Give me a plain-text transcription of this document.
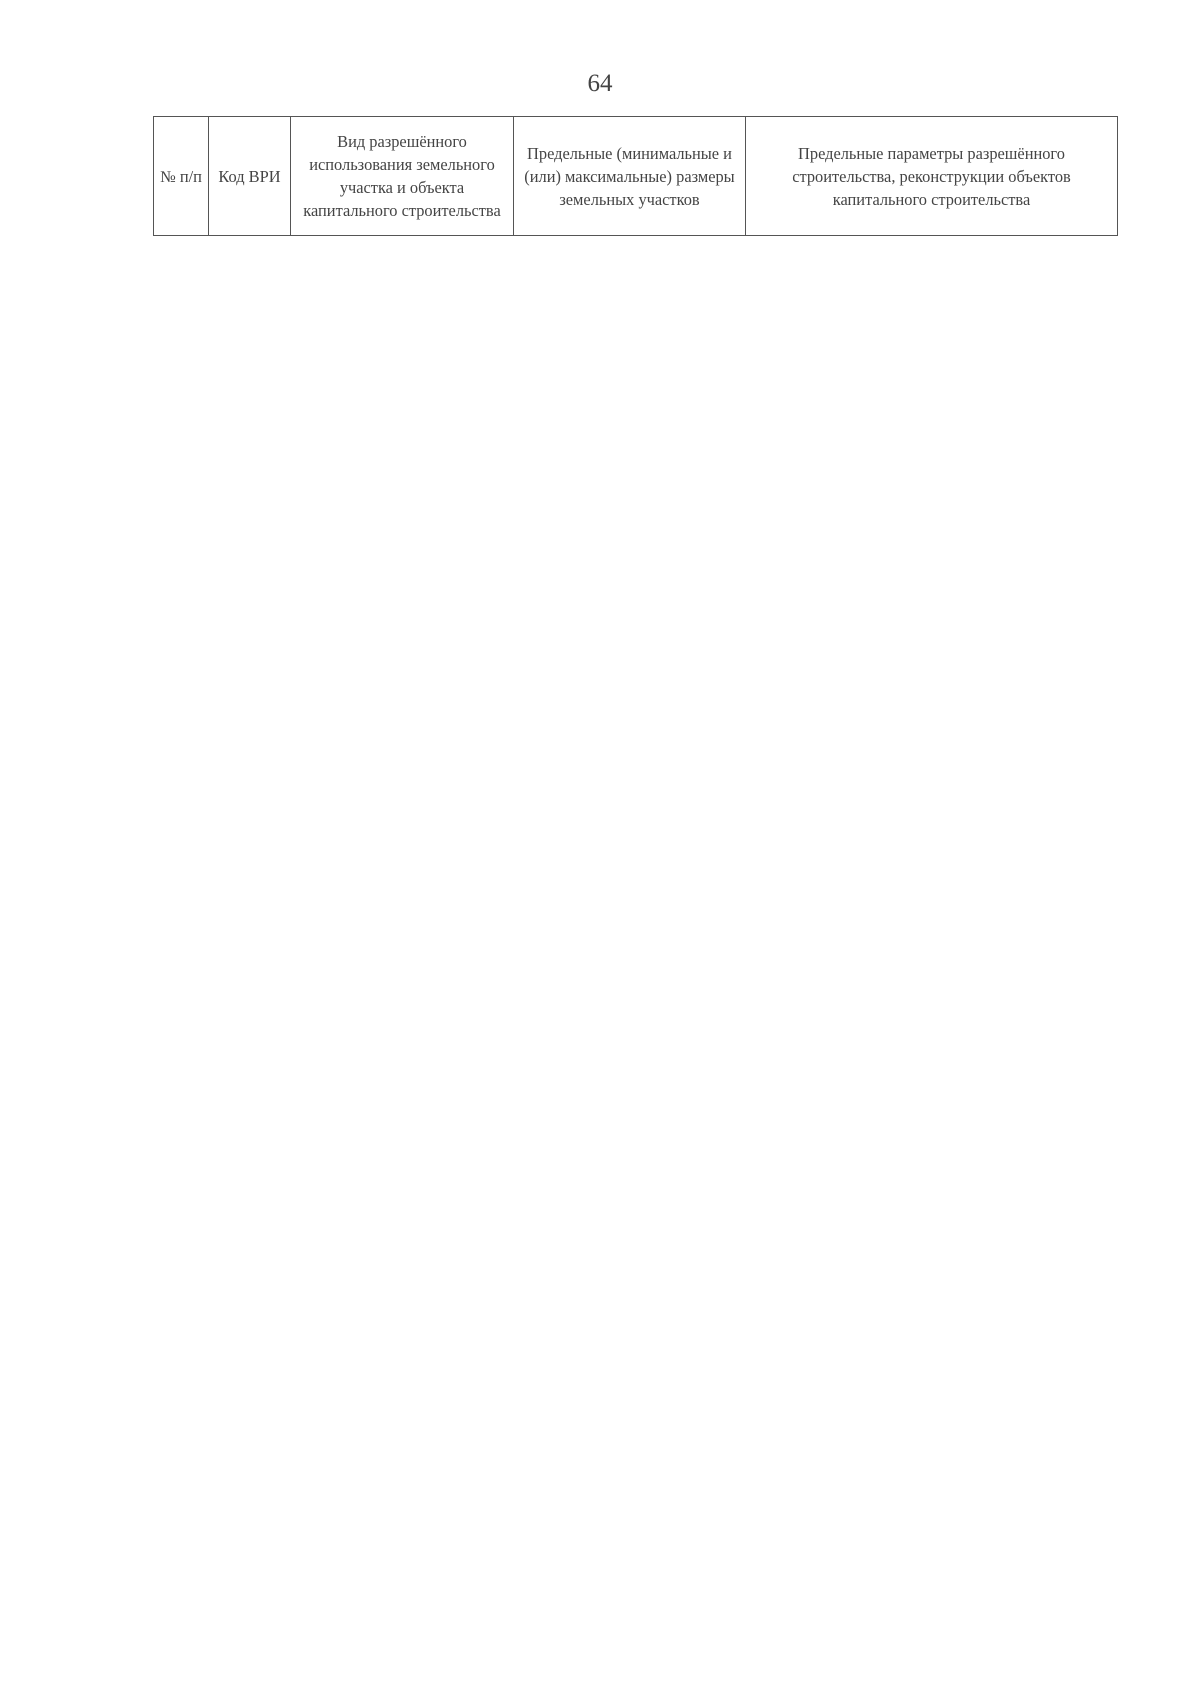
64
№ п/п	Код ВРИ	Вид разрешённого использования земельного участка и объекта капитального строительства	Предельные (минимальные и (или) максимальные) размеры земельных участков	Предельные параметры разрешённого строительства, реконструкции объектов капитального строительства
